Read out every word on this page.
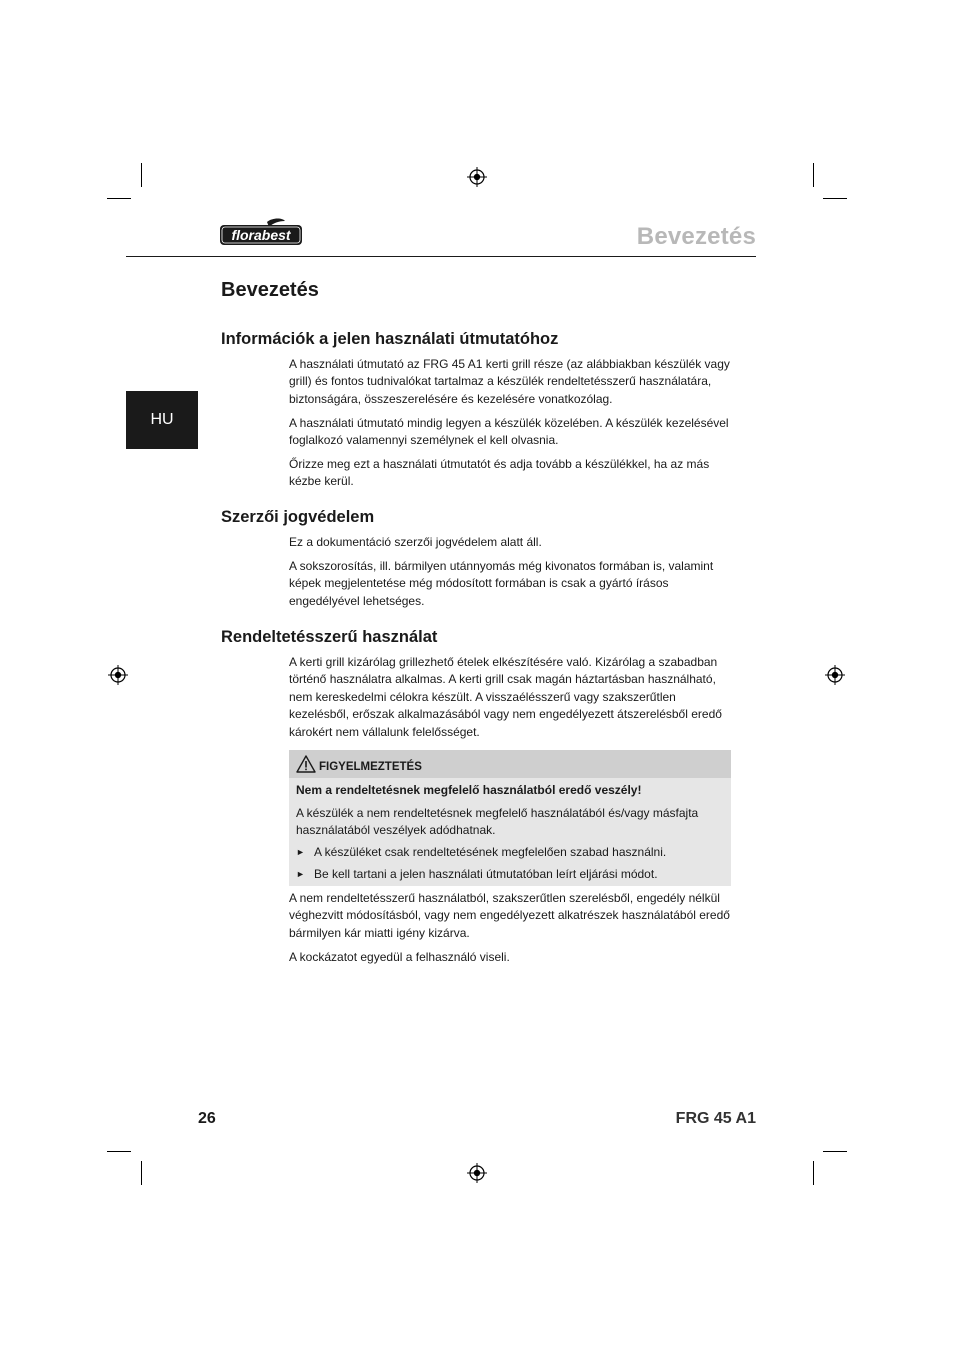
florabest	Bevezetés
HU
Bevezetés
Információk a jelen használati útmutatóhoz

A használati útmutató az FRG 45 A1 kerti grill része (az alábbiakban készülék vagy grill) és fontos tudnivalókat tartalmaz a készülék rendeltetésszerű használatára, biztonságára, összeszerelésére és kezelésére vonatkozólag.

A használati útmutató mindig legyen a készülék közelében. A készülék kezelésével foglalkozó valamennyi személynek el kell olvasnia.

Őrizze meg ezt a használati útmutatót és adja tovább a készülékkel, ha az más kézbe kerül.

Szerzői jogvédelem

Ez a dokumentáció szerzői jogvédelem alatt áll.

A sokszorosítás, ill. bármilyen utánnyomás még kivonatos formában is, valamint képek megjelentetése még módosított formában is csak a gyártó írásos engedélyével lehetséges.

Rendeltetésszerű használat

A kerti grill kizárólag grillezhető ételek elkészítésére való. Kizárólag a szabadban történő használatra alkalmas. A kerti grill csak magán háztartásban használható, nem kereskedelmi célokra készült. A visszaélésszerű vagy szakszerűtlen kezelésből, erőszak alkalmazásából vagy nem engedélyezett átszerelésből eredő károkért nem vállalunk felelősséget.

FIGYELMEZTETÉS
Nem a rendeltetésnek megfelelő használatból eredő veszély!

A készülék a nem rendeltetésnek megfelelő használatából és/vagy másfajta használatából veszélyek adódhatnak.

► A készüléket csak rendeltetésének megfelelően szabad használni.
► Be kell tartani a jelen használati útmutatóban leírt eljárási módot.

A nem rendeltetésszerű használatból, szakszerűtlen szerelésből, engedély nélkül véghezvitt módosításból, vagy nem engedélyezett alkatrészek használatából eredő bármilyen kár miatti igény kizárva.

A kockázatot egyedül a felhasználó viseli.

26	FRG 45 A1
